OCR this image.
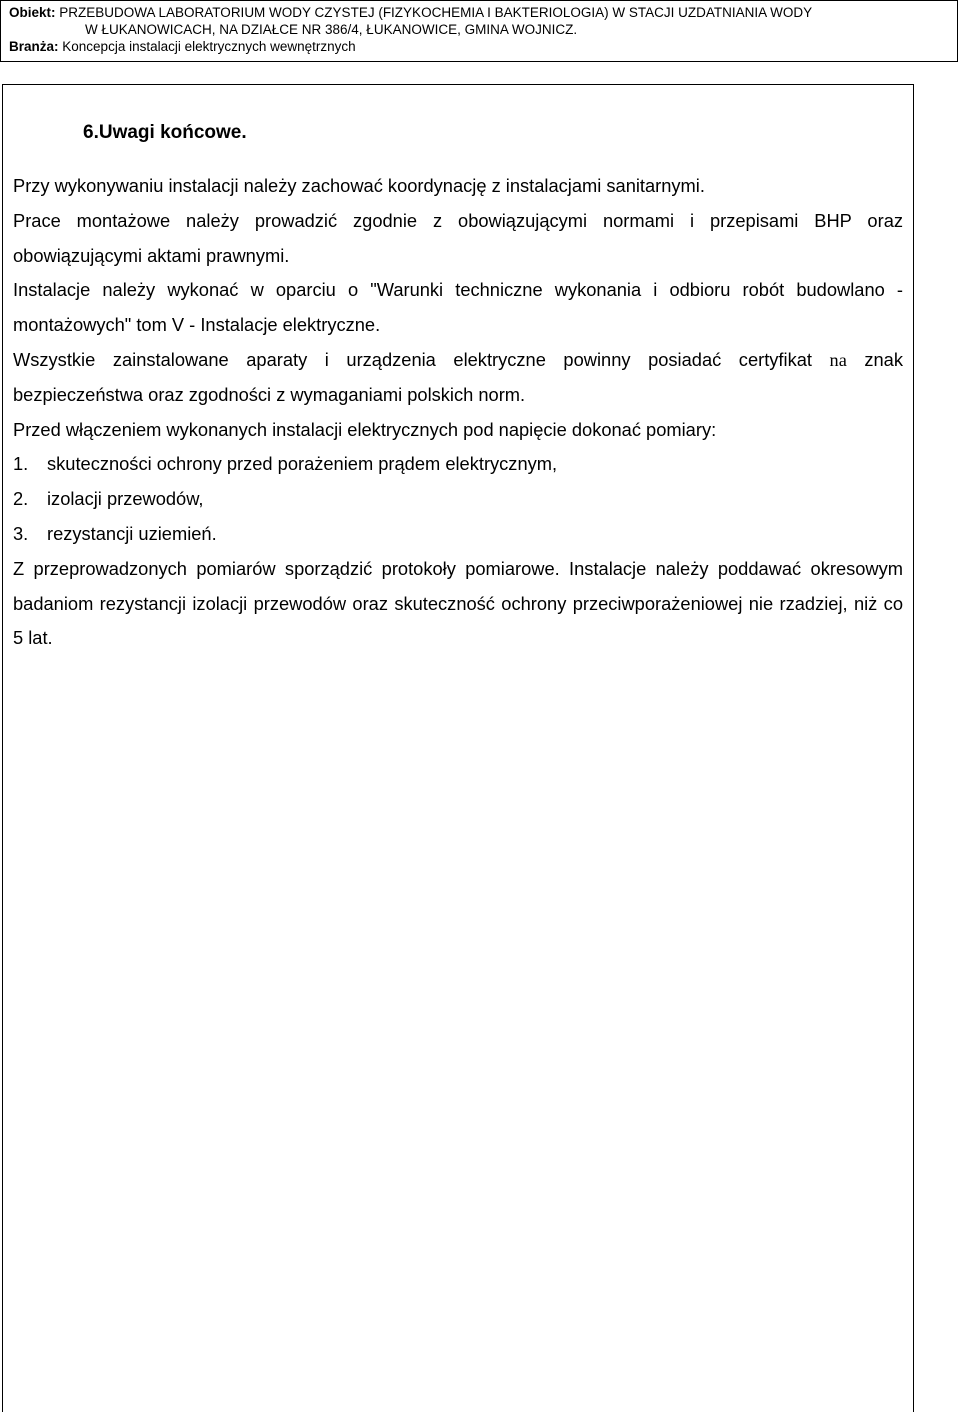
Obiekt: PRZEBUDOWA LABORATORIUM WODY CZYSTEJ (FIZYKOCHEMIA I BAKTERIOLOGIA) W STACJI UZDATNIANIA WODY
W ŁUKANOWICACH, NA DZIAŁCE NR 386/4, ŁUKANOWICE, GMINA WOJNICZ.
Branża: Koncepcja instalacji elektrycznych wewnętrznych
6.Uwagi końcowe.

Przy wykonywaniu instalacji należy zachować koordynację z instalacjami sanitarnymi.

Prace montażowe należy prowadzić zgodnie z obowiązującymi normami i przepisami BHP oraz obowiązującymi aktami prawnymi.

Instalacje należy wykonać w oparciu o "Warunki techniczne wykonania i odbioru robót budowlano - montażowych" tom V - Instalacje elektryczne.

Wszystkie zainstalowane aparaty i urządzenia elektryczne powinny posiadać certyfikat na znak bezpieczeństwa oraz zgodności z wymaganiami polskich norm.

Przed włączeniem wykonanych instalacji elektrycznych pod napięcie dokonać pomiary:

1. skuteczności ochrony przed porażeniem prądem elektrycznym,

2. izolacji przewodów,

3. rezystancji uziemień.

Z przeprowadzonych pomiarów sporządzić protokoły pomiarowe. Instalacje należy poddawać okresowym badaniom rezystancji izolacji przewodów oraz skuteczność ochrony przeciwporażeniowej nie rzadziej, niż co 5 lat.
